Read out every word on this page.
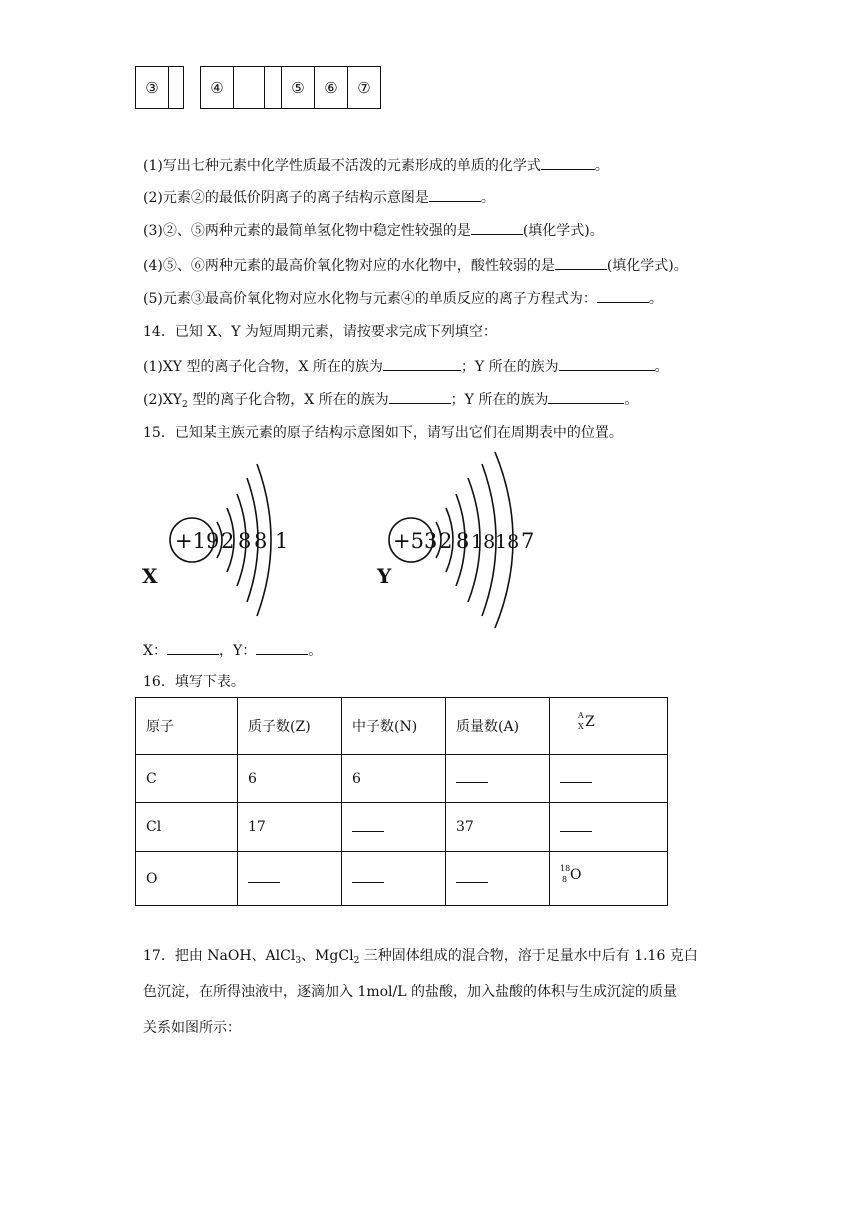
③			④			⑤	⑥	⑦
(1)写出七种元素中化学性质最不活泼的元素形成的单质的化学式	。
(2)元素②的最低价阴离子的离子结构示意图是	。
(3)②、⑤两种元素的最简单氢化物中稳定性较强的是	(填化学式)。
(4)⑤、⑥两种元素的最高价氧化物对应的水化物中，酸性较弱的是	(填化学式)。
(5)元素③最高价氧化物对应水化物与元素④的单质反应的离子方程式为：	。
14．已知 X、Y 为短周期元素，请按要求完成下列填空：
(1)XY 型的离子化合物，X 所在的族为	；Y 所在的族为	。
$(2)XY_2$ 型的离子化合物，X 所在的族为	；Y 所在的族为	。
15．已知某主族元素的原子结构示意图如下，请写出它们在周期表中的位置。
+19 2 8 8 1
X
+53 2 8 18 18 7
Y
X：	，Y：	。
16．填写下表。
原子	质子数(Z)	中子数(N)	质量数(A)	A
X Z

C	6	6		
Cl	17		37	
O				18
8 O
17．把由 NaOH、AlCl$_3$、MgCl$_2$ 三种固体组成的混合物，溶于足量水中后有 1.16 克白
色沉淀，在所得浊液中，逐滴加入 1mol/L 的盐酸，加入盐酸的体积与生成沉淀的质量
关系如图所示：
